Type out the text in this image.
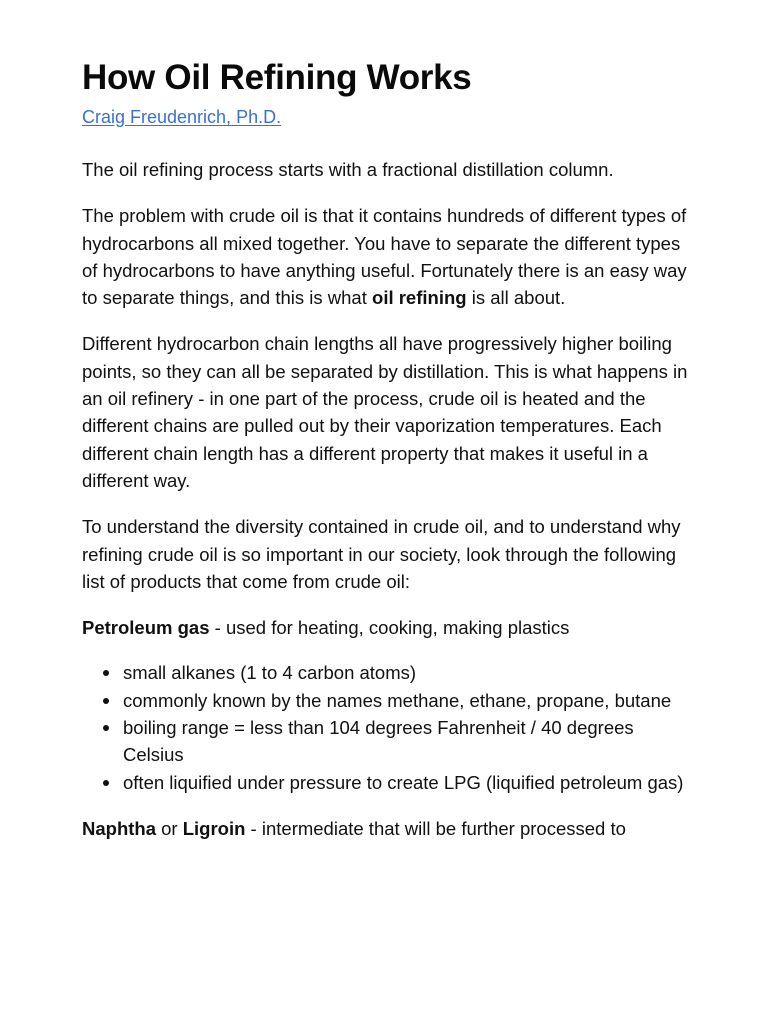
How Oil Refining Works
Craig Freudenrich, Ph.D.

The oil refining process starts with a fractional distillation column.

The problem with crude oil is that it contains hundreds of different types of hydrocarbons all mixed together. You have to separate the different types of hydrocarbons to have anything useful. Fortunately there is an easy way to separate things, and this is what oil refining is all about.

Different hydrocarbon chain lengths all have progressively higher boiling points, so they can all be separated by distillation. This is what happens in an oil refinery - in one part of the process, crude oil is heated and the different chains are pulled out by their vaporization temperatures. Each different chain length has a different property that makes it useful in a different way.

To understand the diversity contained in crude oil, and to understand why refining crude oil is so important in our society, look through the following list of products that come from crude oil:

Petroleum gas - used for heating, cooking, making plastics

small alkanes (1 to 4 carbon atoms)
commonly known by the names methane, ethane, propane, butane
boiling range = less than 104 degrees Fahrenheit / 40 degrees Celsius
often liquified under pressure to create LPG (liquified petroleum gas)

Naphtha or Ligroin - intermediate that will be further processed to
